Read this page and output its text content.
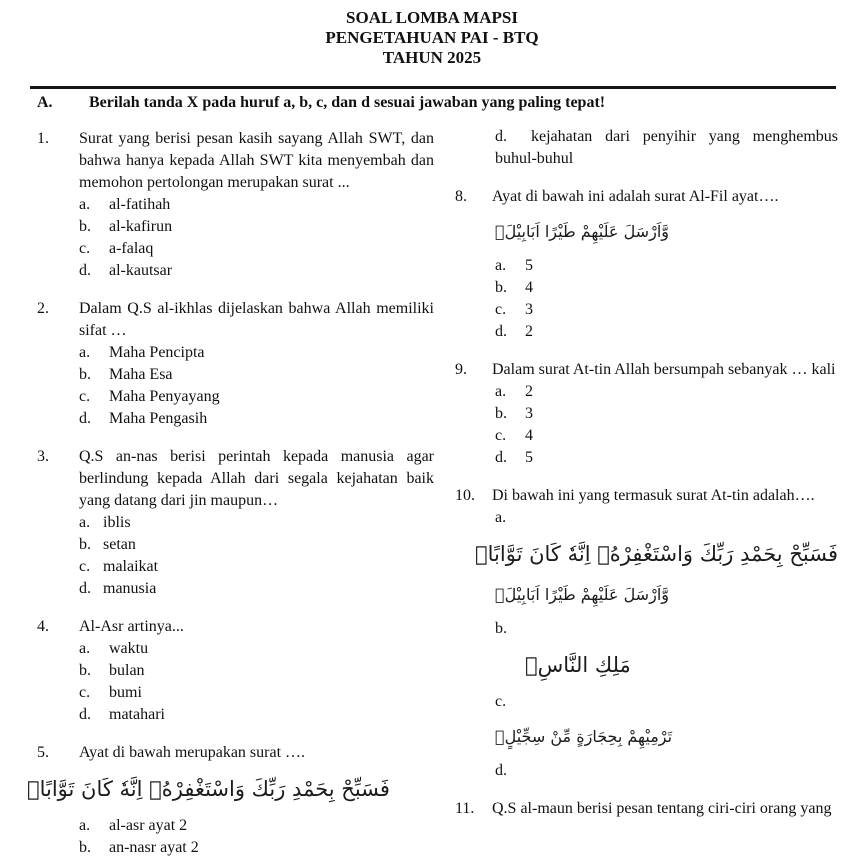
SOAL LOMBA MAPSI
PENGETAHUAN PAI - BTQ
TAHUN 2025
A. Berilah tanda X pada huruf a, b, c, dan d sesuai jawaban yang paling tepat!
1.	Surat yang berisi pesan kasih sayang Allah SWT, dan bahwa hanya kepada Allah SWT kita menyembah dan memohon pertolongan merupakan surat ...
a.	al-fatihah
b.	al-kafirun
c.	a-falaq
d.	al-kautsar
2.	Dalam Q.S al-ikhlas dijelaskan bahwa Allah memiliki sifat …
a.	Maha Pencipta
b.	Maha Esa
c.	Maha Penyayang
d.	Maha Pengasih
3.	Q.S an-nas berisi perintah kepada manusia agar berlindung kepada Allah dari segala kejahatan baik yang datang dari jin maupun…
a. iblis
b. setan
c. malaikat
d. manusia
4.	Al-Asr artinya...
a.	waktu
b.	bulan
c.	bumi
d.	matahari
5.	Ayat di bawah merupakan surat ….
فَسَبِّحْ بِحَمْدِ رَبِّكَ وَاسْتَغْفِرْهُۗ اِنَّهٗ كَانَ تَوَّابًاۙ
a.	al-asr ayat 2
b.	an-nasr ayat 2
d. kejahatan dari penyihir yang menghembus buhul-buhul
8.	Ayat di bawah ini adalah surat Al-Fil ayat….
وَّاَرْسَلَ عَلَيْهِمْ طَيْرًا اَبَابِيْلَۙ
a.	5
b.	4
c.	3
d.	2
9.	Dalam surat At-tin Allah bersumpah sebanyak … kali
a.	2
b.	3
c.	4
d.	5
10.	Di bawah ini yang termasuk surat At-tin adalah….
a.
فَسَبِّحْ بِحَمْدِ رَبِّكَ وَاسْتَغْفِرْهُۗ اِنَّهٗ كَانَ تَوَّابًاۙ
وَّاَرْسَلَ عَلَيْهِمْ طَيْرًا اَبَابِيْلَۙ
b.
مَلِكِ النَّاسِۙ
c.
تَرْمِيْهِمْ بِحِجَارَةٍ مِّنْ سِجِّيْلٍۙ
d.
11.	Q.S al-maun berisi pesan tentang ciri-ciri orang yang
